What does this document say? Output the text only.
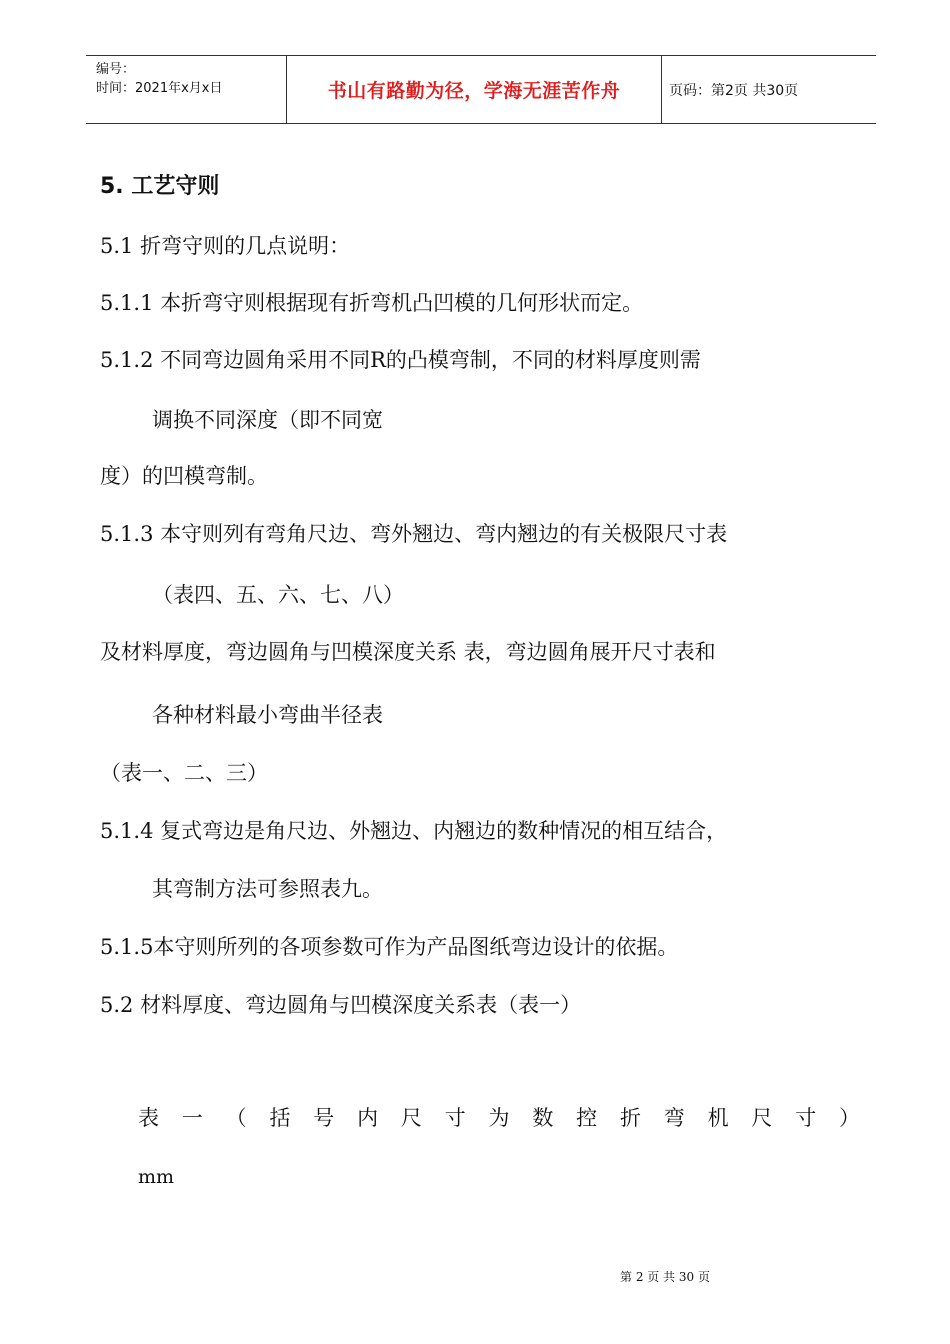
编号：
时间：2021年x月x日	书山有路勤为径，学海无涯苦作舟	页码：第2页 共30页
5. 工艺守则
5.1 折弯守则的几点说明：
5.1.1 本折弯守则根据现有折弯机凸凹模的几何形状而定。
5.1.2 不同弯边圆角采用不同R的凸模弯制，不同的材料厚度则需
调换不同深度（即不同宽
度）的凹模弯制。
5.1.3 本守则列有弯角尺边、弯外翘边、弯内翘边的有关极限尺寸表
（表四、五、六、七、八）
及材料厚度，弯边圆角与凹模深度关系 表，弯边圆角展开尺寸表和
各种材料最小弯曲半径表
（表一、二、三）
5.1.4 复式弯边是角尺边、外翘边、内翘边的数种情况的相互结合，
其弯制方法可参照表九。
5.1.5本守则所列的各项参数可作为产品图纸弯边设计的依据。
5.2 材料厚度、弯边圆角与凹模深度关系表（表一）
表 一 （ 括 号 内 尺 寸 为 数 控 折 弯 机 尺 寸 ）
mm
第 2 页 共 30 页
